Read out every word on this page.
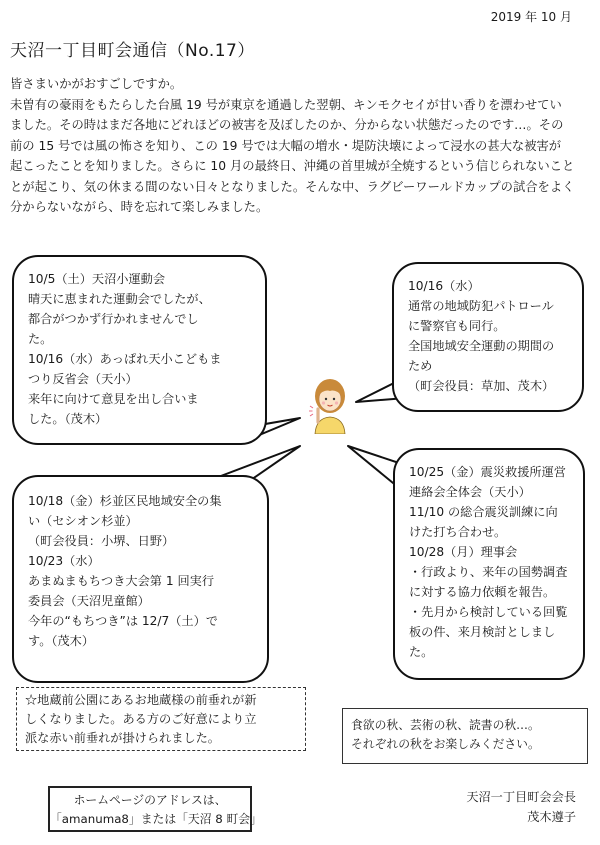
2019 年 10 月
天沼一丁目町会通信（No.17）
皆さまいかがおすごしですか。
未曽有の豪雨をもたらした台風 19 号が東京を通過した翌朝、キンモクセイが甘い香りを漂わせてい
ました。その時はまだ各地にどれほどの被害を及ぼしたのか、分からない状態だったのです…。その
前の 15 号では風の怖さを知り、この 19 号では大幅の増水・堤防決壊によって浸水の甚大な被害が
起こったことを知りました。さらに 10 月の最終日、沖縄の首里城が全焼するという信じられないこと
とが起こり、気の休まる間のない日々となりました。そんな中、ラグビーワールドカップの試合をよく
分からないながら、時を忘れて楽しみました。
10/5（土）天沼小運動会
晴天に恵まれた運動会でしたが、
都合がつかず行かれませんでし
た。
10/16（水）あっぱれ天小こどもま
つり反省会（天小）
来年に向けて意見を出し合いま
した。（茂木）
10/16（水）
通常の地域防犯パトロール
に警察官も同行。
全国地域安全運動の期間の
ため
（町会役員：草加、茂木）
10/18（金）杉並区民地域安全の集
い（セシオン杉並）
（町会役員：小堺、日野）
10/23（水）
あまぬまもちつき大会第 1 回実行
委員会（天沼児童館）
今年の“もちつき”は 12/7（土）で
す。（茂木）
10/25（金）震災救援所運営
連絡会全体会（天小）
11/10 の総合震災訓練に向
けた打ち合わせ。
10/28（月）理事会
・行政より、来年の国勢調査
に対する協力依頼を報告。
・先月から検討している回覧
板の件、来月検討としまし
た。
☆地蔵前公園にあるお地蔵様の前垂れが新
しくなりました。ある方のご好意により立
派な赤い前垂れが掛けられました。
食欲の秋、芸術の秋、読書の秋…。
それぞれの秋をお楽しみください。
ホームページのアドレスは、
「amanuma8」または「天沼 8 町会」
天沼一丁目町会会長
茂木遵子
